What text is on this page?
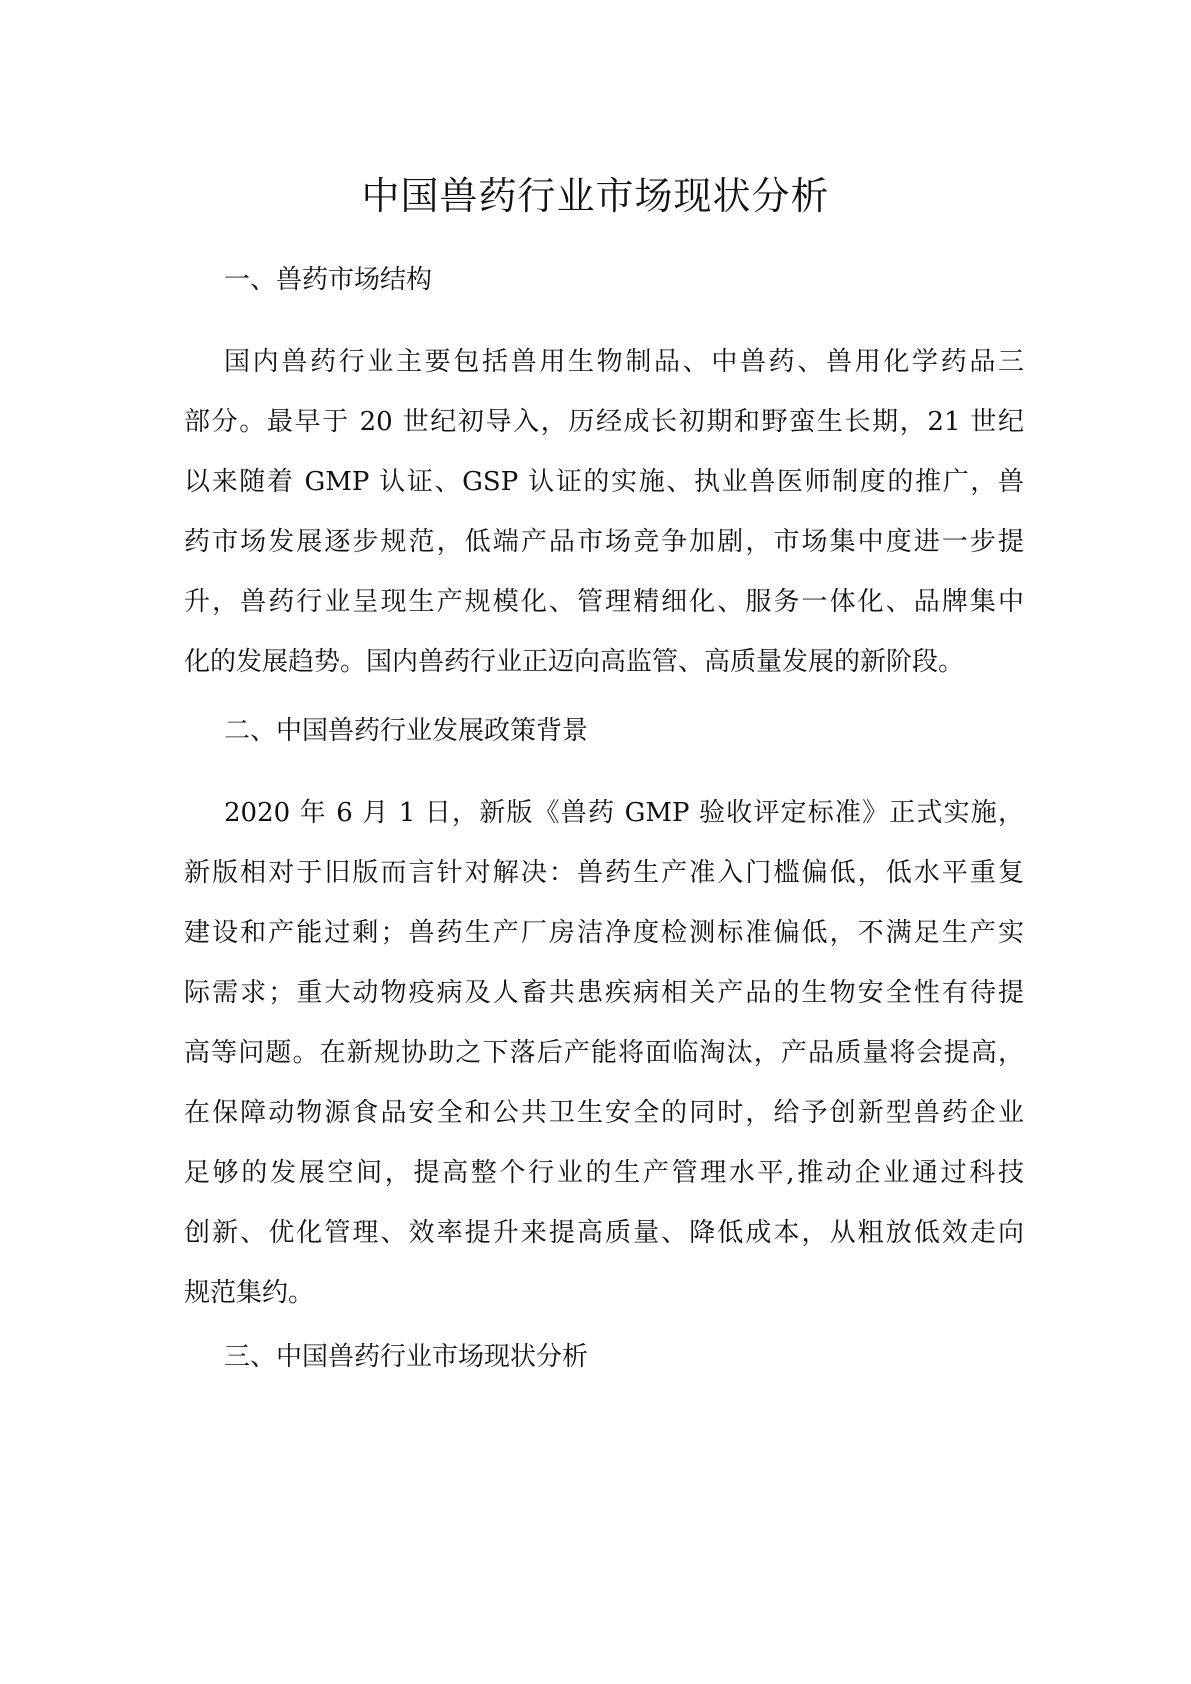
中国兽药行业市场现状分析
一、兽药市场结构
国内兽药行业主要包括兽用生物制品、中兽药、兽用化学药品三
部分。最早于 20 世纪初导入，历经成长初期和野蛮生长期，21 世纪
以来随着 GMP 认证、GSP 认证的实施、执业兽医师制度的推广，兽
药市场发展逐步规范，低端产品市场竞争加剧，市场集中度进一步提
升，兽药行业呈现生产规模化、管理精细化、服务一体化、品牌集中
化的发展趋势。国内兽药行业正迈向高监管、高质量发展的新阶段。
二、中国兽药行业发展政策背景
2020 年 6 月 1 日，新版《兽药 GMP 验收评定标准》正式实施，
新版相对于旧版而言针对解决：兽药生产准入门槛偏低，低水平重复
建设和产能过剩；兽药生产厂房洁净度检测标准偏低，不满足生产实
际需求；重大动物疫病及人畜共患疾病相关产品的生物安全性有待提
高等问题。在新规协助之下落后产能将面临淘汰，产品质量将会提高，
在保障动物源食品安全和公共卫生安全的同时，给予创新型兽药企业
足够的发展空间，提高整个行业的生产管理水平,推动企业通过科技
创新、优化管理、效率提升来提高质量、降低成本，从粗放低效走向
规范集约。
三、中国兽药行业市场现状分析
